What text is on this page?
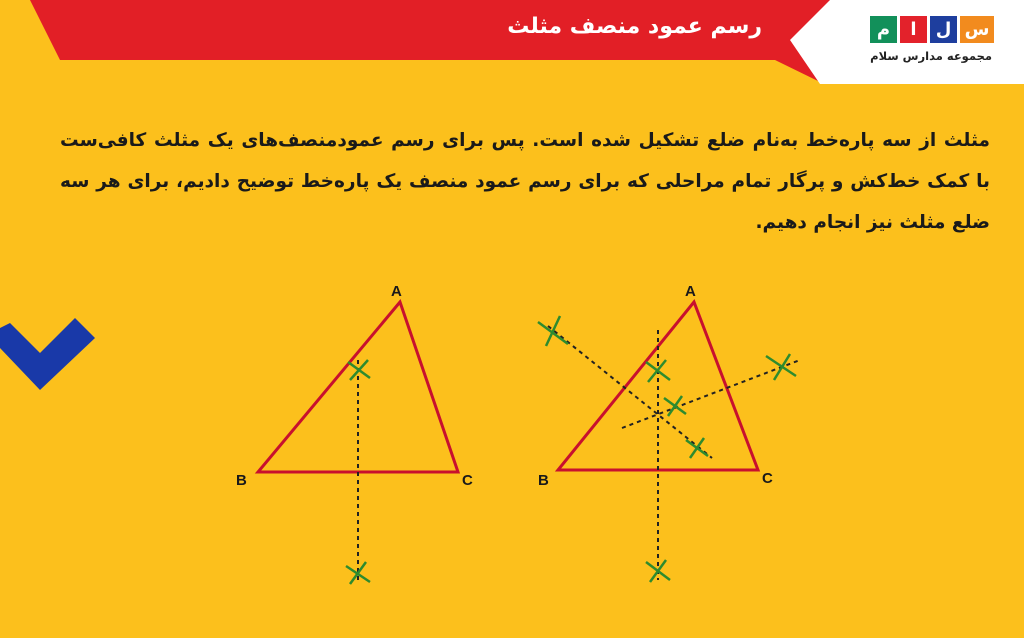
رسم عمود منصف مثلث	س
ل
ا
م
مجموعه مدارس سلام
مثلث از سه پاره‌خط به‌نام ضلع تشکیل شده است. پس برای رسم عمودمنصف‌های یک مثلث کافی‌ست با کمک خط‌کش و پرگار تمام مراحلی که برای رسم عمود منصف یک پاره‌خط توضیح دادیم، برای هر سه ضلع مثلث نیز انجام دهیم.
A
B	C
A
B	C
